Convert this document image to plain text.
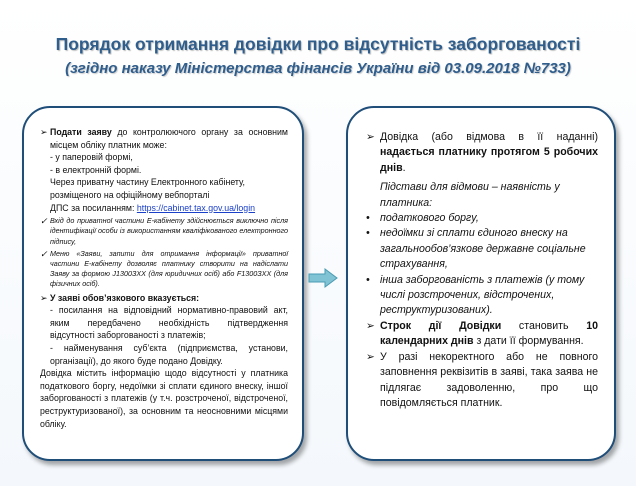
Порядок отримання довідки про відсутність заборгованості
(згідно наказу Міністерства фінансів України від 03.09.2018 №733)
➢ Подати заяву до контролюючого органу за основним місцем обліку платник може:
- у паперовій формі,
- в електронній формі.
Через приватну частину Електронного кабінету,
розміщеного на офіційному вебпорталі
ДПС за посиланням: https://cabinet.tax.gov.ua/login
✓ Вхід до приватної частини Е-кабінету здійснюється виключно після ідентифікації особи із використанням кваліфікованого електронного підпису,
✓ Меню «Заяви, запити для отримання інформації» приватної частини Е-кабінету дозволяє платнику створити на надіслати Заяву за формою J1300ЗXX (для юридичних осіб) або F1300ЗXX (для фізичних осіб).
➢ У заяві обов’язкового вказується:
- посилання на відповідний нормативно-правовий акт, яким передбачено необхідність підтвердження відсутності заборгованості з платежів;
- найменування суб’єкта (підприємства, установи, організації), до якого буде подано Довідку.
Довідка містить інформацію щодо відсутності у платника податкового боргу, недоїмки зі сплати єдиного внеску, іншої заборгованості з платежів (у т.ч. розстроченої, відстроченої, реструктуризованої), за основним та неосновними місцями обліку.
➢ Довідка (або відмова в її наданні) надається платнику протягом 5 робочих днів.
Підстави для відмови – наявність у платника:
• податкового боргу,
• недоїмки зі сплати єдиного внеску на загальнообов’язкове державне соціальне страхування,
• інша заборгованість з платежів (у тому числі розстрочених, відстрочених, реструктуризованих).
➢ Строк дії Довідки становить 10 календарних днів з дати її формування.
➢ У разі некоректного або не повного заповнення реквізитів в заяві, така заява не підлягає задоволенню, про що повідомляється платник.
